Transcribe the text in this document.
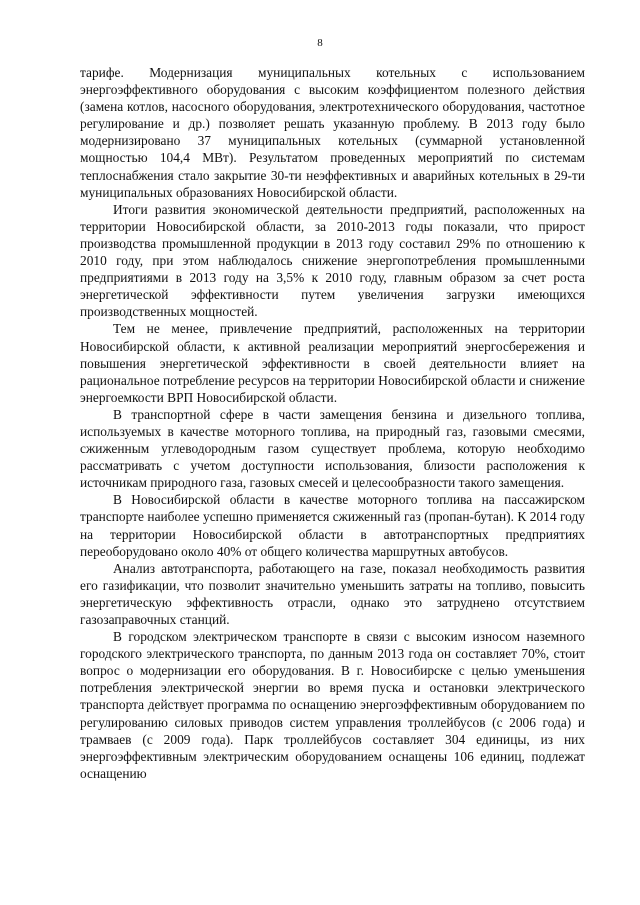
8

тарифе. Модернизация муниципальных котельных с использованием энергоэффективного оборудования с высоким коэффициентом полезного действия (замена котлов, насосного оборудования, электротехнического оборудования, частотное регулирование и др.) позволяет решать указанную проблему. В 2013 году было модернизировано 37 муниципальных котельных (суммарной установленной мощностью 104,4 МВт). Результатом проведенных мероприятий по системам теплоснабжения стало закрытие 30-ти неэффективных и аварийных котельных в 29-ти муниципальных образованиях Новосибирской области.

Итоги развития экономической деятельности предприятий, расположенных на территории Новосибирской области, за 2010-2013 годы показали, что прирост производства промышленной продукции в 2013 году составил 29% по отношению к 2010 году, при этом наблюдалось снижение энергопотребления промышленными предприятиями в 2013 году на 3,5% к 2010 году, главным образом за счет роста энергетической эффективности путем увеличения загрузки имеющихся производственных мощностей.

Тем не менее, привлечение предприятий, расположенных на территории Новосибирской области, к активной реализации мероприятий энергосбережения и повышения энергетической эффективности в своей деятельности влияет на рациональное потребление ресурсов на территории Новосибирской области и снижение энергоемкости ВРП Новосибирской области.

В транспортной сфере в части замещения бензина и дизельного топлива, используемых в качестве моторного топлива, на природный газ, газовыми смесями, сжиженным углеводородным газом существует проблема, которую необходимо рассматривать с учетом доступности использования, близости расположения к источникам природного газа, газовых смесей и целесообразности такого замещения.

В Новосибирской области в качестве моторного топлива на пассажирском транспорте наиболее успешно применяется сжиженный газ (пропан-бутан). К 2014 году на территории Новосибирской области в автотранспортных предприятиях переоборудовано около 40% от общего количества маршрутных автобусов.

Анализ автотранспорта, работающего на газе, показал необходимость развития его газификации, что позволит значительно уменьшить затраты на топливо, повысить энергетическую эффективность отрасли, однако это затруднено отсутствием газозаправочных станций.

В городском электрическом транспорте в связи с высоким износом наземного городского электрического транспорта, по данным 2013 года он составляет 70%, стоит вопрос о модернизации его оборудования. В г. Новосибирске с целью уменьшения потребления электрической энергии во время пуска и остановки электрического транспорта действует программа по оснащению энергоэффективным оборудованием по регулированию силовых приводов систем управления троллейбусов (с 2006 года) и трамваев (с 2009 года). Парк троллейбусов составляет 304 единицы, из них энергоэффективным электрическим оборудованием оснащены 106 единиц, подлежат оснащению
